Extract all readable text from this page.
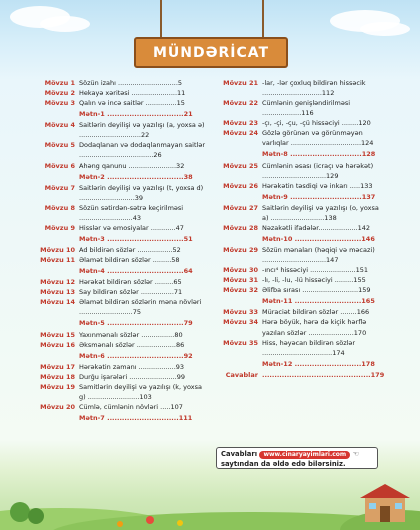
MÜNDƏRİCAT
Mövzu 1 Sözün izahı .............................5
Mövzu 2 Hekayə xəritəsi ......................11
Mövzu 3 Qalın və incə saitlər ...............15
Mətn-1 ...............................21
Mövzu 4 Saitlərin deyilişi və yazılışı (a, yoxsa ə) ..............................22
Mövzu 5 Dodaqlanan və dodaqlanmayan saitlər ....................................26
Mövzu 6 Ahəng qanunu .......................32
Mətn-2 ...............................38
Mövzu 7 Saitlərin deyilişi və yazılışı (t, yoxsa d) ...........................39
Mövzu 8 Sözün sətirdən-sətrə keçirilməsi ..........................43
Mövzu 9 Hisslər və emosiyalar ............47
Mətn-3 ...............................51
Mövzu 10 Ad bildirən sözlər .................52
Mövzu 11 Əlamət bildirən sözlər .........58
Mətn-4 ...............................64
Mövzu 12 Hərəkət bildirən sözlər .........65
Mövzu 13 Say bildirən sözlər ................71
Mövzu 14 Əlamət bildirən sözlərin məna növləri ..........................75
Mətn-5 ...............................79
Mövzu 15 Yaxınmənalı sözlər ................80
Mövzu 16 Əksmənalı sözlər ...................86
Mətn-6 ...............................92
Mövzu 17 Hərəkətin zamanı ..................93
Mövzu 18 Durğu işarələri .......................99
Mövzu 19 Samitlərin deyilişi və yazılışı (k, yoxsa g) .........................103
Mövzu 20 Cümlə, cümlənin növləri .....107
Mətn-7 .............................111
Mövzu 21 -lar, -lər çoxluq bildirən hissəcik .............................112
Mövzu 22 Cümlənin genişləndirilməsi ...................116
Mövzu 23 -çı, -çi, -çu, -çü hissəciyi ........120
Mövzu 24 Gözlə görünən və görünməyən varlıqlar ..................................124
Mətn-8 .............................128
Mövzu 25 Cümlənin əsası (icraçı və hərəkət) ...............................129
Mövzu 26 Hərəkətin təsdiqi və inkarı .....133
Mətn-9 .............................137
Mövzu 27 Saitlərin deyilişi və yazılışı (o, yoxsa a) ..........................138
Mövzu 28 Nəzakətli ifadələr...................142
Mətn-10 ...........................146
Mövzu 29 Sözün mənaları (həqiqi və məcazi) ...............................147
Mövzu 30 -ıncı⁴ hissəciyi ......................151
Mövzu 31 -lı, -li, -lu, -lü hissəciyi .........155
Mövzu 32 Əlifba sırası ...........................159
Mətn-11 ...........................165
Mövzu 33 Müraciət bildirən sözlər ........166
Mövzu 34 Hərə böyük, hərə də kiçik hərflə yazılan sözlər ......................170
Mövzu 35 Hiss, həyəcan bildirən sözlər ..................................174
Mətn-12 ...........................178
Cavablar ............................................179
Cavabları www.cinaryayimlari.com ☜
saytından da əldə edə bilərsiniz.
